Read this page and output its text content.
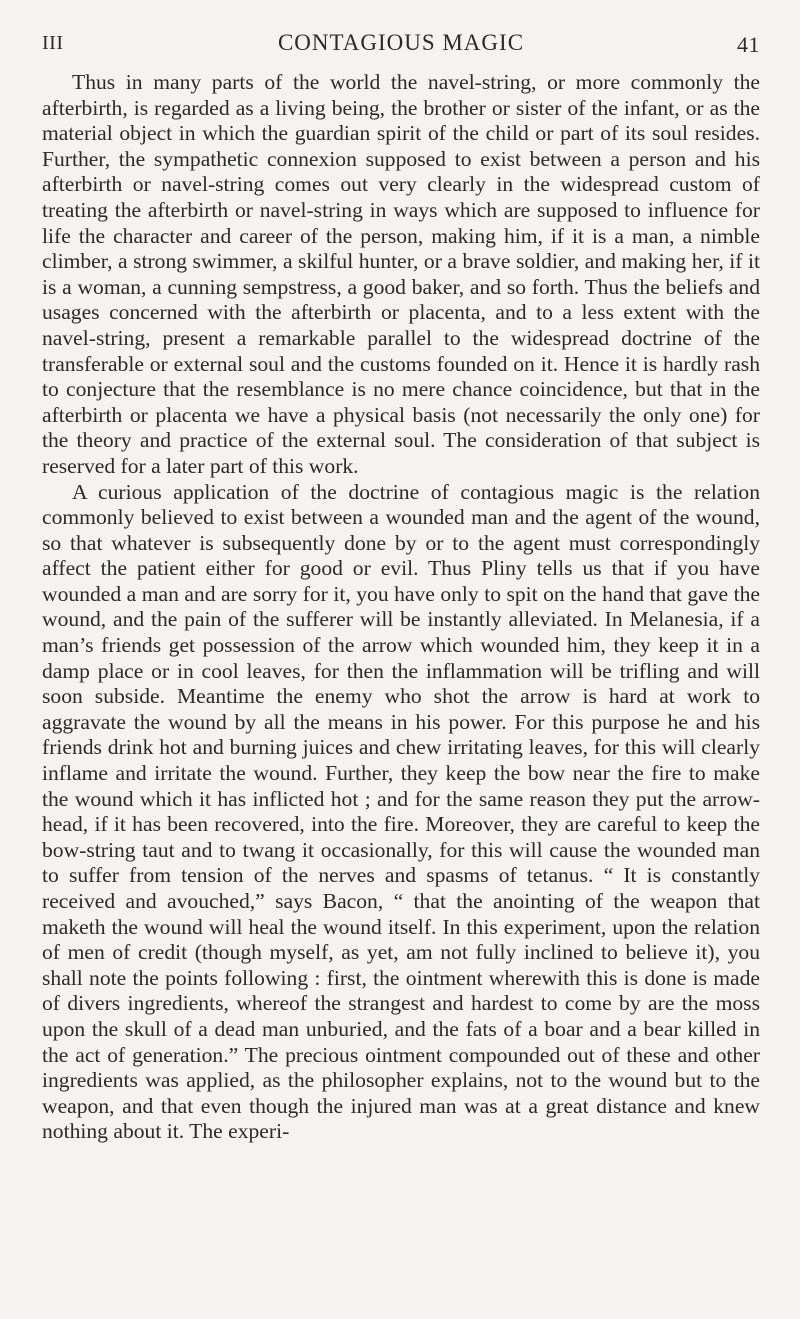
III	CONTAGIOUS MAGIC	41

Thus in many parts of the world the navel-string, or more commonly the afterbirth, is regarded as a living being, the brother or sister of the infant, or as the material object in which the guardian spirit of the child or part of its soul resides. Further, the sympathetic connexion supposed to exist between a person and his afterbirth or navel-string comes out very clearly in the widespread custom of treating the afterbirth or navel-string in ways which are supposed to influence for life the character and career of the person, making him, if it is a man, a nimble climber, a strong swimmer, a skilful hunter, or a brave soldier, and making her, if it is a woman, a cunning sempstress, a good baker, and so forth. Thus the beliefs and usages concerned with the afterbirth or placenta, and to a less extent with the navel-string, present a remarkable parallel to the widespread doctrine of the transferable or external soul and the customs founded on it. Hence it is hardly rash to conjecture that the resemblance is no mere chance coincidence, but that in the afterbirth or placenta we have a physical basis (not necessarily the only one) for the theory and practice of the external soul. The consideration of that subject is reserved for a later part of this work.

A curious application of the doctrine of contagious magic is the relation commonly believed to exist between a wounded man and the agent of the wound, so that whatever is subsequently done by or to the agent must correspondingly affect the patient either for good or evil. Thus Pliny tells us that if you have wounded a man and are sorry for it, you have only to spit on the hand that gave the wound, and the pain of the sufferer will be instantly alleviated. In Melanesia, if a man’s friends get possession of the arrow which wounded him, they keep it in a damp place or in cool leaves, for then the inflammation will be trifling and will soon subside. Meantime the enemy who shot the arrow is hard at work to aggravate the wound by all the means in his power. For this purpose he and his friends drink hot and burning juices and chew irritating leaves, for this will clearly inflame and irritate the wound. Further, they keep the bow near the fire to make the wound which it has inflicted hot ; and for the same reason they put the arrow-head, if it has been recovered, into the fire. Moreover, they are careful to keep the bow-string taut and to twang it occasionally, for this will cause the wounded man to suffer from tension of the nerves and spasms of tetanus. “ It is constantly received and avouched,” says Bacon, “ that the anointing of the weapon that maketh the wound will heal the wound itself. In this experiment, upon the relation of men of credit (though myself, as yet, am not fully inclined to believe it), you shall note the points following : first, the ointment wherewith this is done is made of divers ingredients, whereof the strangest and hardest to come by are the moss upon the skull of a dead man unburied, and the fats of a boar and a bear killed in the act of generation.” The precious ointment compounded out of these and other ingredients was applied, as the philosopher explains, not to the wound but to the weapon, and that even though the injured man was at a great distance and knew nothing about it. The experi-
